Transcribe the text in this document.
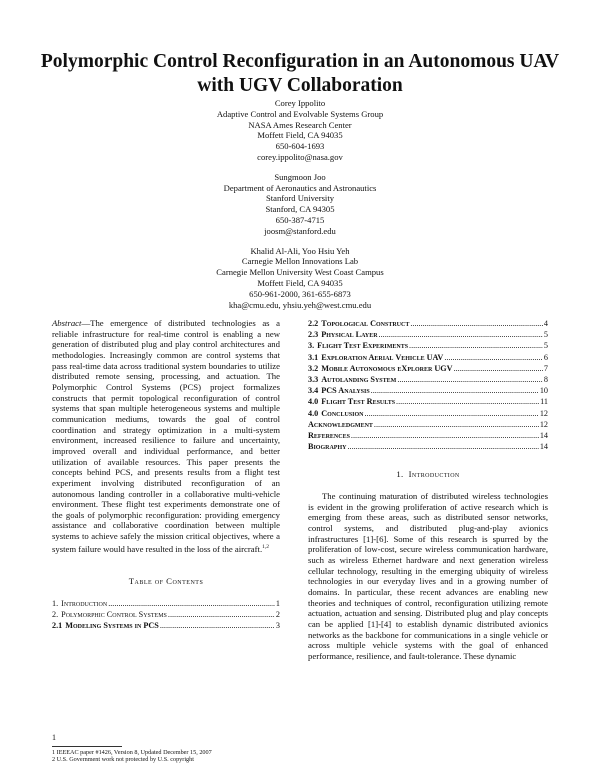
Polymorphic Control Reconfiguration in an Autonomous UAV with UGV Collaboration
Corey Ippolito
Adaptive Control and Evolvable Systems Group
NASA Ames Research Center
Moffett Field, CA 94035
650-604-1693
corey.ippolito@nasa.gov
Sungmoon Joo
Department of Aeronautics and Astronautics
Stanford University
Stanford, CA 94305
650-387-4715
joosm@stanford.edu
Khalid Al-Ali, Yoo Hsiu Yeh
Carnegie Mellon Innovations Lab
Carnegie Mellon University West Coast Campus
Moffett Field, CA 94035
650-961-2000, 361-655-6873
kha@cmu.edu, yhsiu.yeh@west.cmu.edu

Abstract—The emergence of distributed technologies as a reliable infrastructure for real-time control is enabling a new generation of distributed plug and play control architectures and methodologies. Increasingly common are control systems that pass real-time data across traditional system boundaries to utilize distributed remote sensing, processing, and actuation. The Polymorphic Control Systems (PCS) project formalizes constructs that permit topological reconfiguration of control systems that span multiple heterogeneous systems and multiple communication mediums, towards the goal of control coordination and strategy optimization in a multi-system environment, increased resilience to failure and uncertainty, improved overall and individual performance, and better utilization of available resources. This paper presents the concepts behind PCS, and presents results from a flight test experiment involving distributed reconfiguration of an autonomous landing controller in a collaborative multi-vehicle environment. These flight test experiments demonstrate one of the goals of polymorphic reconfiguration: providing emergency assistance and collaborative coordination between multiple systems to achieve safely the mission critical objectives, where a system failure would have resulted in the loss of the aircraft.$^{1,2}$

Table of Contents
1. Introduction .....	1
2. Polymorphic Control Systems .....	2
2.1 Modeling Systems in PCS .....	3
1
1 IEEEAC paper #1426, Version 8, Updated December 15, 2007
2 U.S. Government work not protected by U.S. copyright
2.2 Topological Construct .....	4
2.3 Physical Layer .....	5
3. Flight Test Experiments .....	5
3.1 Exploration Aerial Vehicle UAV .....	6
3.2 Mobile Autonomous eXplorer UGV .....	7
3.3 Autolanding System .....	8
3.4 PCS Analysis .....	10
4.0 Flight Test Results .....	11
4.0 Conclusion .....	12
Acknowledgment .....	12
References .....	14
Biography .....	14
1. Introduction

The continuing maturation of distributed wireless technologies is evident in the growing proliferation of active research which is emerging from these areas, such as distributed sensor networks, control systems, and distributed plug-and-play avionics infrastructures [1]-[6]. Some of this research is spurred by the proliferation of low-cost, secure wireless communication hardware, such as wireless Ethernet hardware and next generation wireless cellular technology, resulting in the emerging ubiquity of wireless technologies in our everyday lives and in a growing number of domains. In particular, these recent advances are enabling new theories and techniques of control, reconfiguration utilizing remote actuation, actuation and sensing. Distributed plug and play concepts can be applied [1]-[4] to establish dynamic distributed avionics networks as the backbone for communications in a single vehicle or across multiple vehicle systems with the goal of enhanced performance, resilience, and fault-tolerance. These dynamic
